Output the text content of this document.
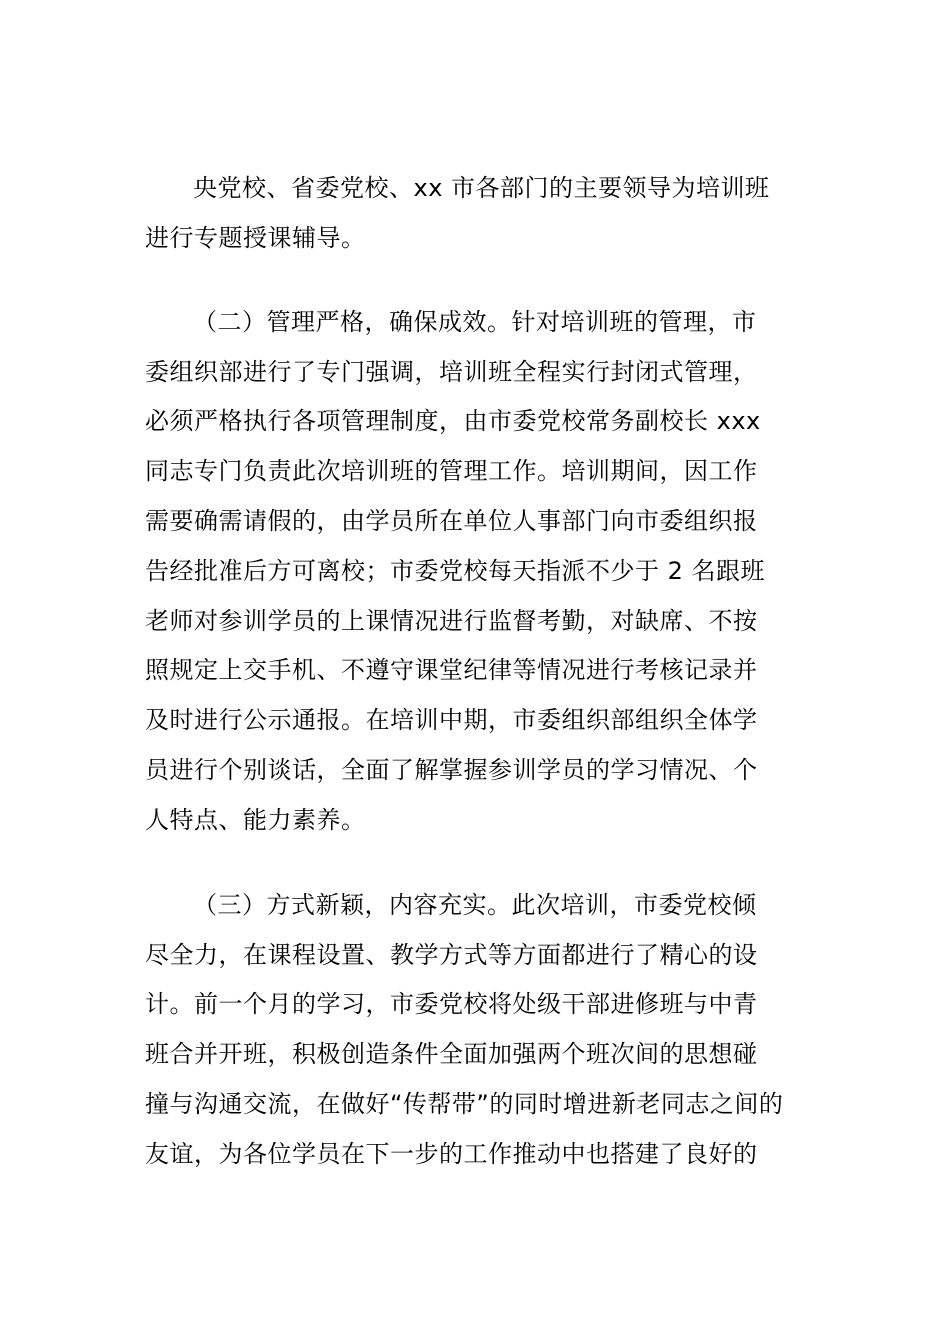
央党校、省委党校、xx 市各部门的主要领导为培训班
进行专题授课辅导。
（二）管理严格，确保成效。针对培训班的管理，市
委组织部进行了专门强调，培训班全程实行封闭式管理，
必须严格执行各项管理制度，由市委党校常务副校长 xxx
同志专门负责此次培训班的管理工作。培训期间，因工作
需要确需请假的，由学员所在单位人事部门向市委组织报
告经批准后方可离校；市委党校每天指派不少于 2 名跟班
老师对参训学员的上课情况进行监督考勤，对缺席、不按
照规定上交手机、不遵守课堂纪律等情况进行考核记录并
及时进行公示通报。在培训中期，市委组织部组织全体学
员进行个别谈话，全面了解掌握参训学员的学习情况、个
人特点、能力素养。
（三）方式新颖，内容充实。此次培训，市委党校倾
尽全力，在课程设置、教学方式等方面都进行了精心的设
计。前一个月的学习，市委党校将处级干部进修班与中青
班合并开班，积极创造条件全面加强两个班次间的思想碰
撞与沟通交流，在做好“传帮带”的同时增进新老同志之间的
友谊，为各位学员在下一步的工作推动中也搭建了良好的
